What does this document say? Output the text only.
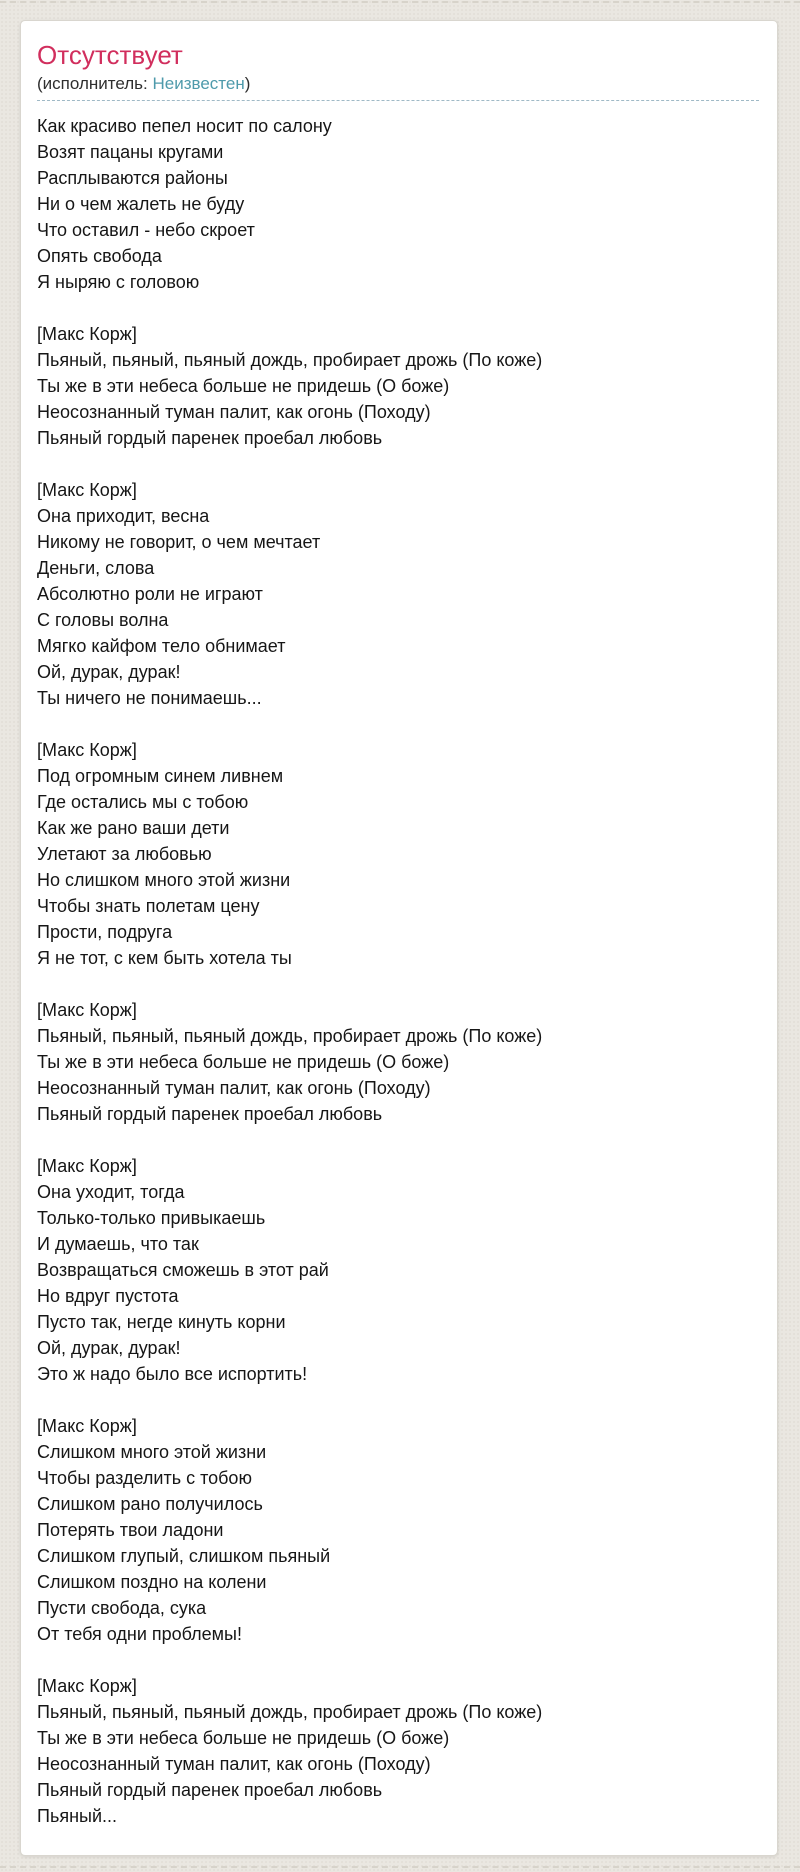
Отсутствует
(исполнитель: Неизвестен)
Как красиво пепел носит по салону
Возят пацаны кругами
Расплываются районы
Ни о чем жалеть не буду
Что оставил - небо скроет
Опять свобода
Я ныряю с головою

[Макс Корж]
Пьяный, пьяный, пьяный дождь, пробирает дрожь (По коже)
Ты же в эти небеса больше не придешь (О боже)
Неосознанный туман палит, как огонь (Походу)
Пьяный гордый паренек проебал любовь

[Макс Корж]
Она приходит, весна
Никому не говорит, о чем мечтает
Деньги, слова
Абсолютно роли не играют
С головы волна
Мягко кайфом тело обнимает
Ой, дурак, дурак!
Ты ничего не понимаешь...

[Макс Корж]
Под огромным синем ливнем
Где остались мы с тобою
Как же рано ваши дети
Улетают за любовью
Но слишком много этой жизни
Чтобы знать полетам цену
Прости, подруга
Я не тот, с кем быть хотела ты

[Макс Корж]
Пьяный, пьяный, пьяный дождь, пробирает дрожь (По коже)
Ты же в эти небеса больше не придешь (О боже)
Неосознанный туман палит, как огонь (Походу)
Пьяный гордый паренек проебал любовь

[Макс Корж]
Она уходит, тогда
Только-только привыкаешь
И думаешь, что так
Возвращаться сможешь в этот рай
Но вдруг пустота
Пусто так, негде кинуть корни
Ой, дурак, дурак!
Это ж надо было все испортить!

[Макс Корж]
Слишком много этой жизни
Чтобы разделить с тобою
Слишком рано получилось
Потерять твои ладони
Слишком глупый, слишком пьяный
Слишком поздно на колени
Пусти свобода, сука
От тебя одни проблемы!

[Макс Корж]
Пьяный, пьяный, пьяный дождь, пробирает дрожь (По коже)
Ты же в эти небеса больше не придешь (О боже)
Неосознанный туман палит, как огонь (Походу)
Пьяный гордый паренек проебал любовь
Пьяный...
